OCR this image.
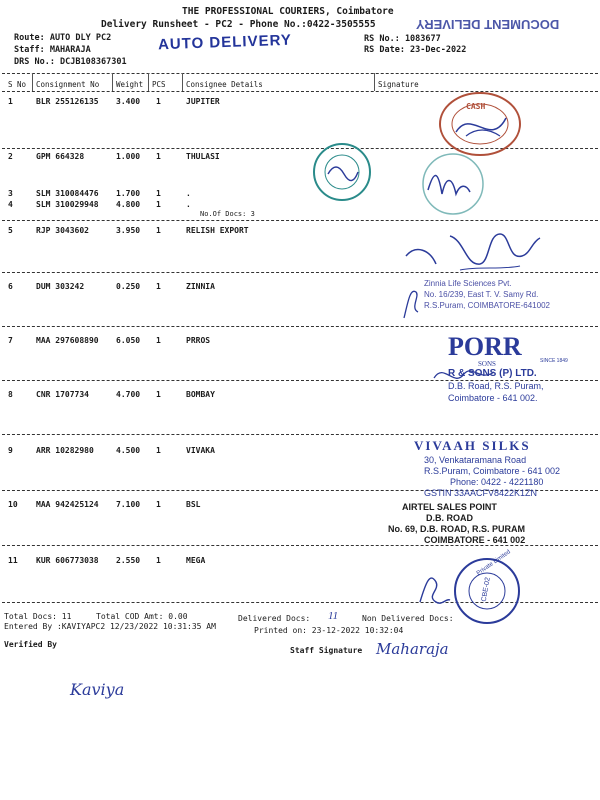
THE PROFESSIONAL COURIERS, Coimbatore
Delivery Runsheet - PC2 - Phone No.:0422-3505555
Route: AUTO DLY PC2
Staff: MAHARAJA
DRS No.: DCJB108367301
RS No.: 1083677
RS Date: 23-Dec-2022
AUTO DELIVERY
DOCUMENT DELIVERY
S No Consignment No Weight PCS	Consignee Details	Signature
1	BLR 255126135 3.400 1	JUPITER
2	GPM 664328	1.000 1	THULASI
3	SLM 310084476 1.700 1	.
4	SLM 310029948 4.800 1	.
5	RJP 3043602	3.950 1	RELISH EXPORT
6	DUM 303242	0.250 1	ZINNIA
7	MAA 297608890 6.050 1	PRROS
8	CNR 1707734	4.700 1	BOMBAY
9	ARR 10282980	4.500 1	VIVAKA
10 MAA 942425124 7.100 1	BSL
11 KUR 606773038 2.550 1	MEGA
No.Of Docs: 3
CASH
Zinnia Life Sciences Pvt.
No. 16/239, East T. V. Samy Rd.
R.S.Puram, COIMBATORE-641002
PORR
SONS	SINCE 1849
R & SONS (P) LTD.
D.B. Road, R.S. Puram,
Coimbatore - 641 002.
VIVAAH SILKS
30, Venkataramana Road
R.S.Puram, Coimbatore - 641 002
Phone: 0422 - 4221180
GSTIN 33AACFV8422K1ZN
AIRTEL SALES POINT
D.B. ROAD
No. 69, D.B. ROAD, R.S. PURAM
COIMBATORE - 641 002
Private Limited
CBE-02
Total Docs: 11	Total COD Amt: 0.00	Delivered Docs: 11	Non Delivered Docs:
Entered By :KAVIYAPC2 12/23/2022 10:31:35 AM	Printed on: 23-12-2022 10:32:04
Verified By
Staff Signature Maharaja
Kaviya
